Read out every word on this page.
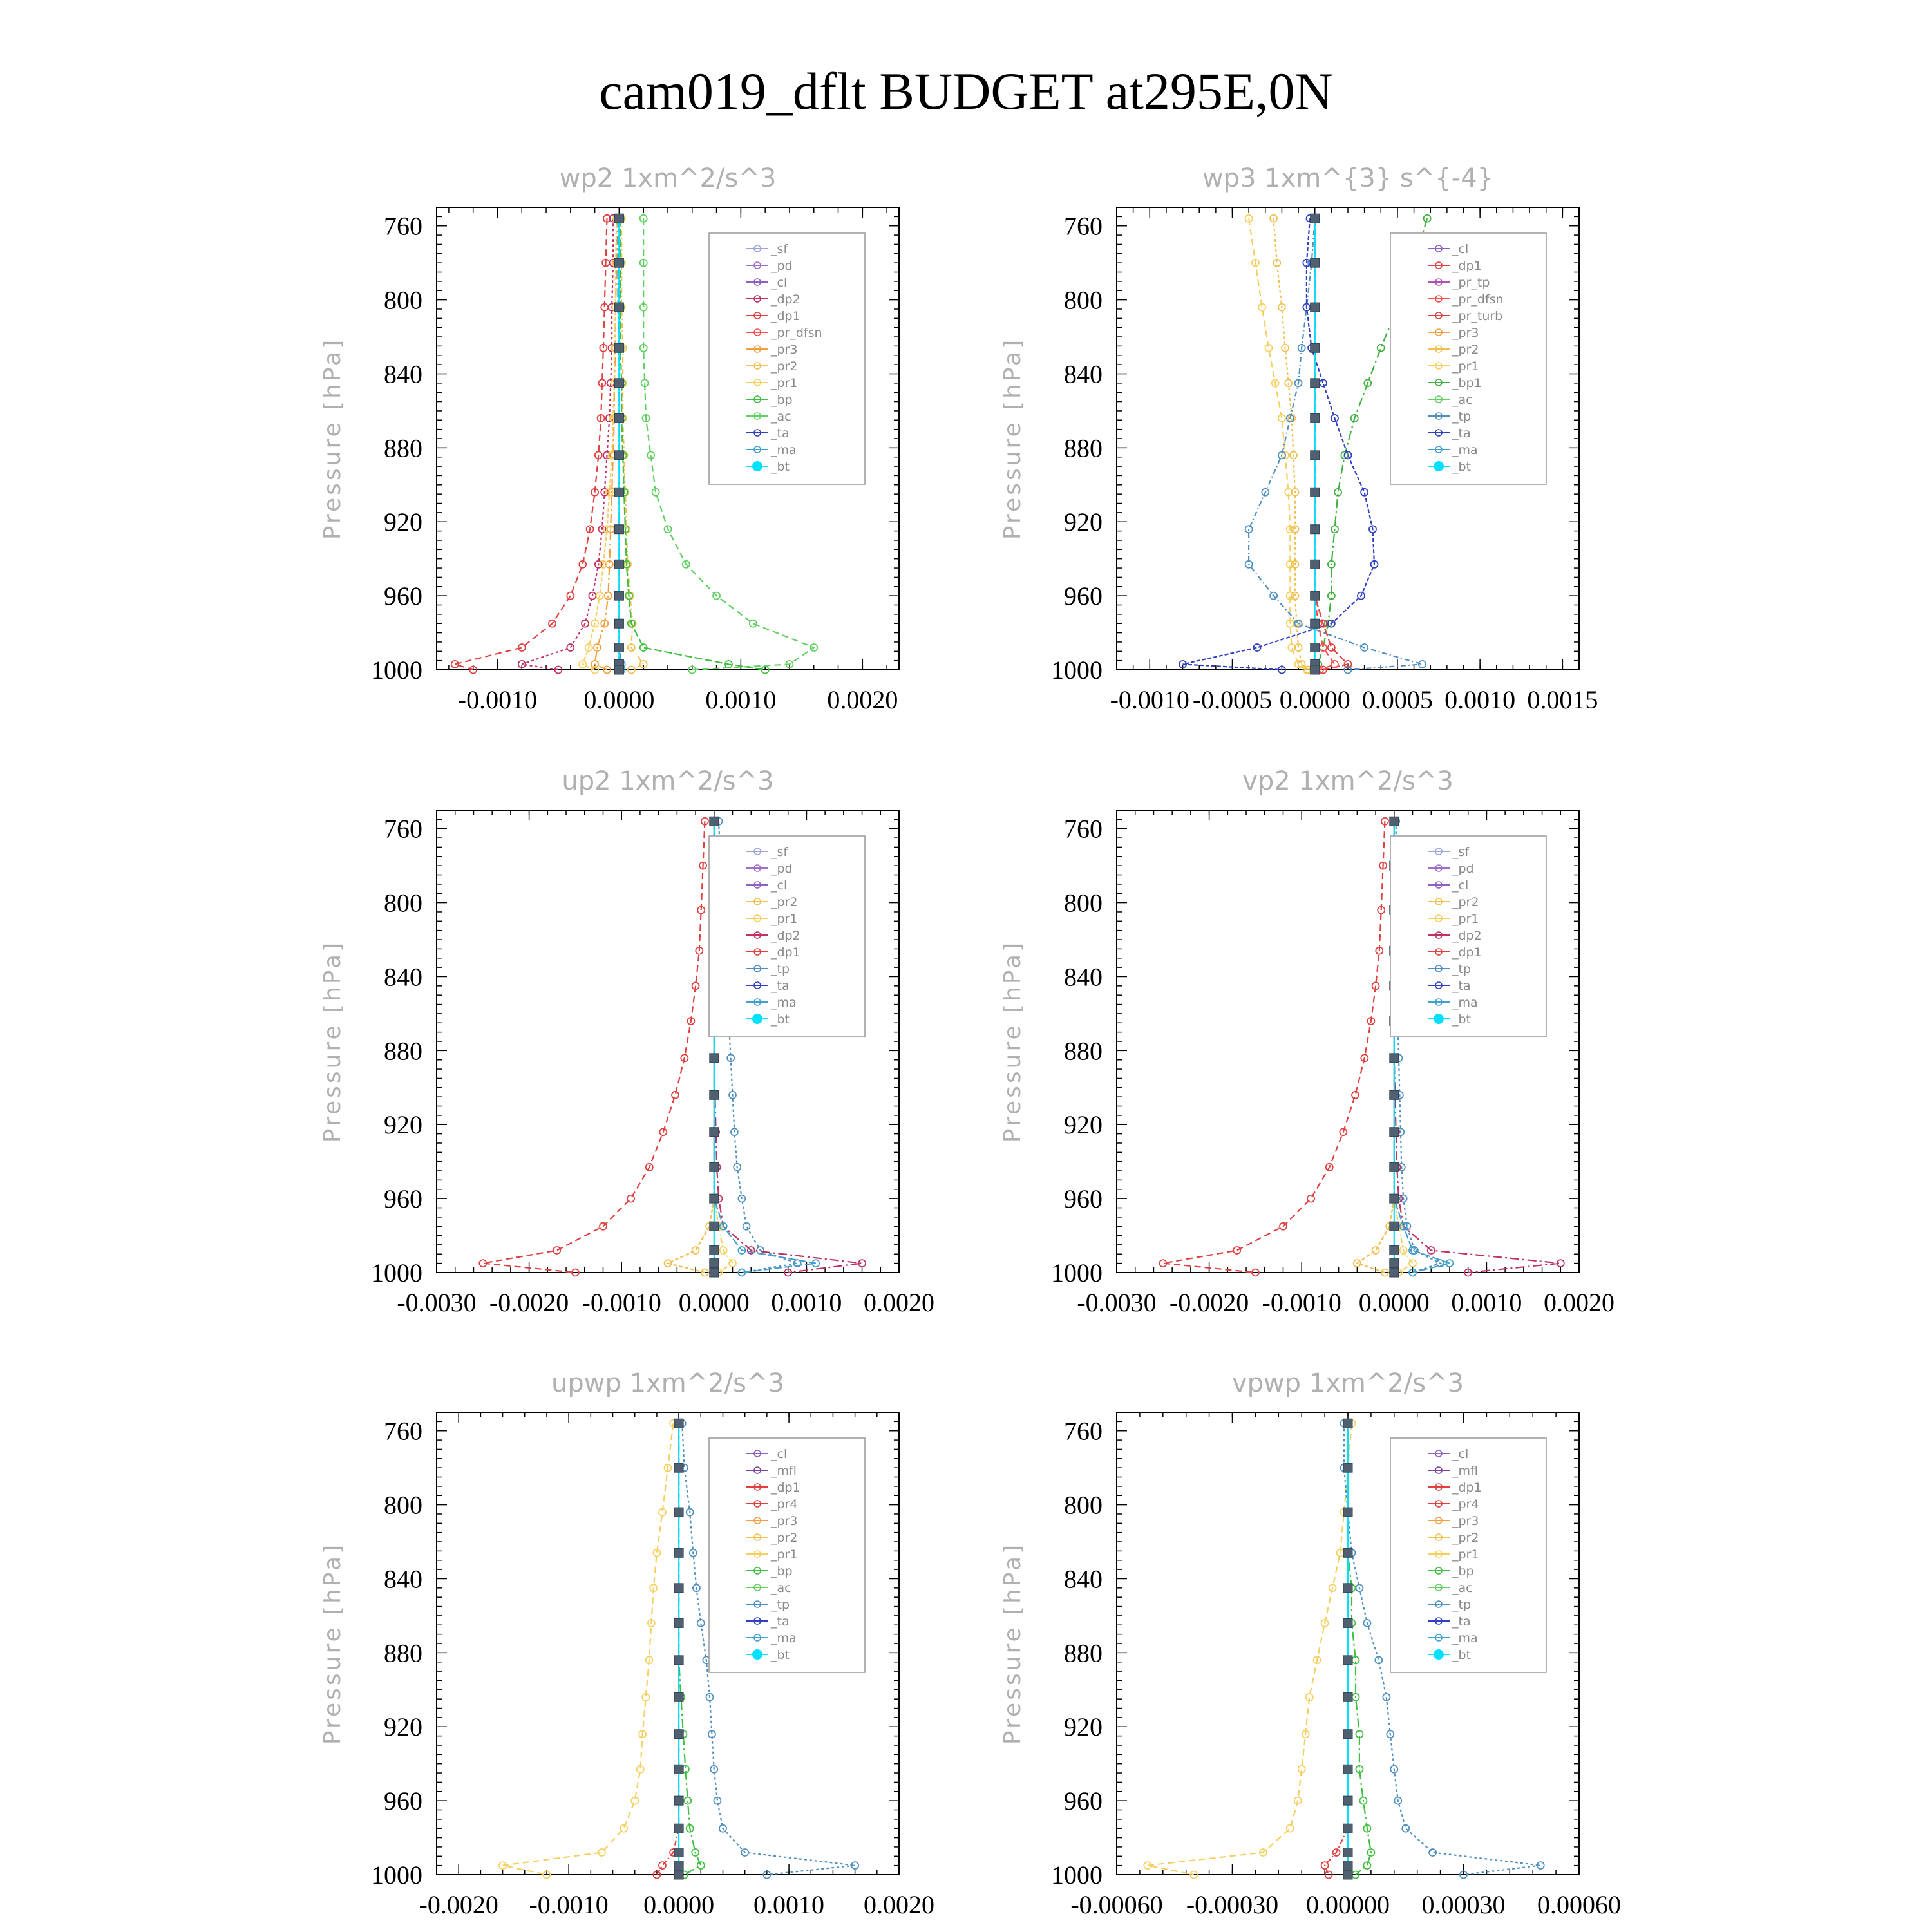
cam019_dflt BUDGET at295E,0N
wp2 1xm^2/s^3
Pressure [hPa]
760
800
840
880
920
960
1000
-0.0010 0.0000 0.0010 0.0020
_sf
_pd
_cl
_dp2
_dp1
_pr_dfsn
_pr3
_pr2
_pr1
_bp
_ac
_ta
_ma
_bt
wp3 1xm^{3} s^{-4}
Pressure [hPa]
760
800
840
880
920
960
1000
-0.0010 -0.0005 0.0000 0.0005 0.0010 0.0015
_cl
_dp1
_pr_tp
_pr_dfsn
_pr_turb
_pr3
_pr2
_pr1
_bp1
_ac
_tp
_ta
_ma
_bt
up2 1xm^2/s^3
Pressure [hPa]
760
800
840
880
920
960
1000
-0.0030 -0.0020 -0.0010 0.0000 0.0010 0.0020
_sf
_pd
_cl
_pr2
_pr1
_dp2
_dp1
_tp
_ta
_ma
_bt
vp2 1xm^2/s^3
Pressure [hPa]
760
800
840
880
920
960
1000
-0.0030 -0.0020 -0.0010 0.0000 0.0010 0.0020
_sf
_pd
_cl
_pr2
_pr1
_dp2
_dp1
_tp
_ta
_ma
_bt
upwp 1xm^2/s^3
Pressure [hPa]
760
800
840
880
920
960
1000
-0.0020 -0.0010 0.0000 0.0010 0.0020
_cl
_mfl
_dp1
_pr4
_pr3
_pr2
_pr1
_bp
_ac
_tp
_ta
_ma
_bt
vpwp 1xm^2/s^3
Pressure [hPa]
760
800
840
880
920
960
1000
-0.00060 -0.00030 0.00000 0.00030 0.00060
_cl
_mfl
_dp1
_pr4
_pr3
_pr2
_pr1
_bp
_ac
_tp
_ta
_ma
_bt
